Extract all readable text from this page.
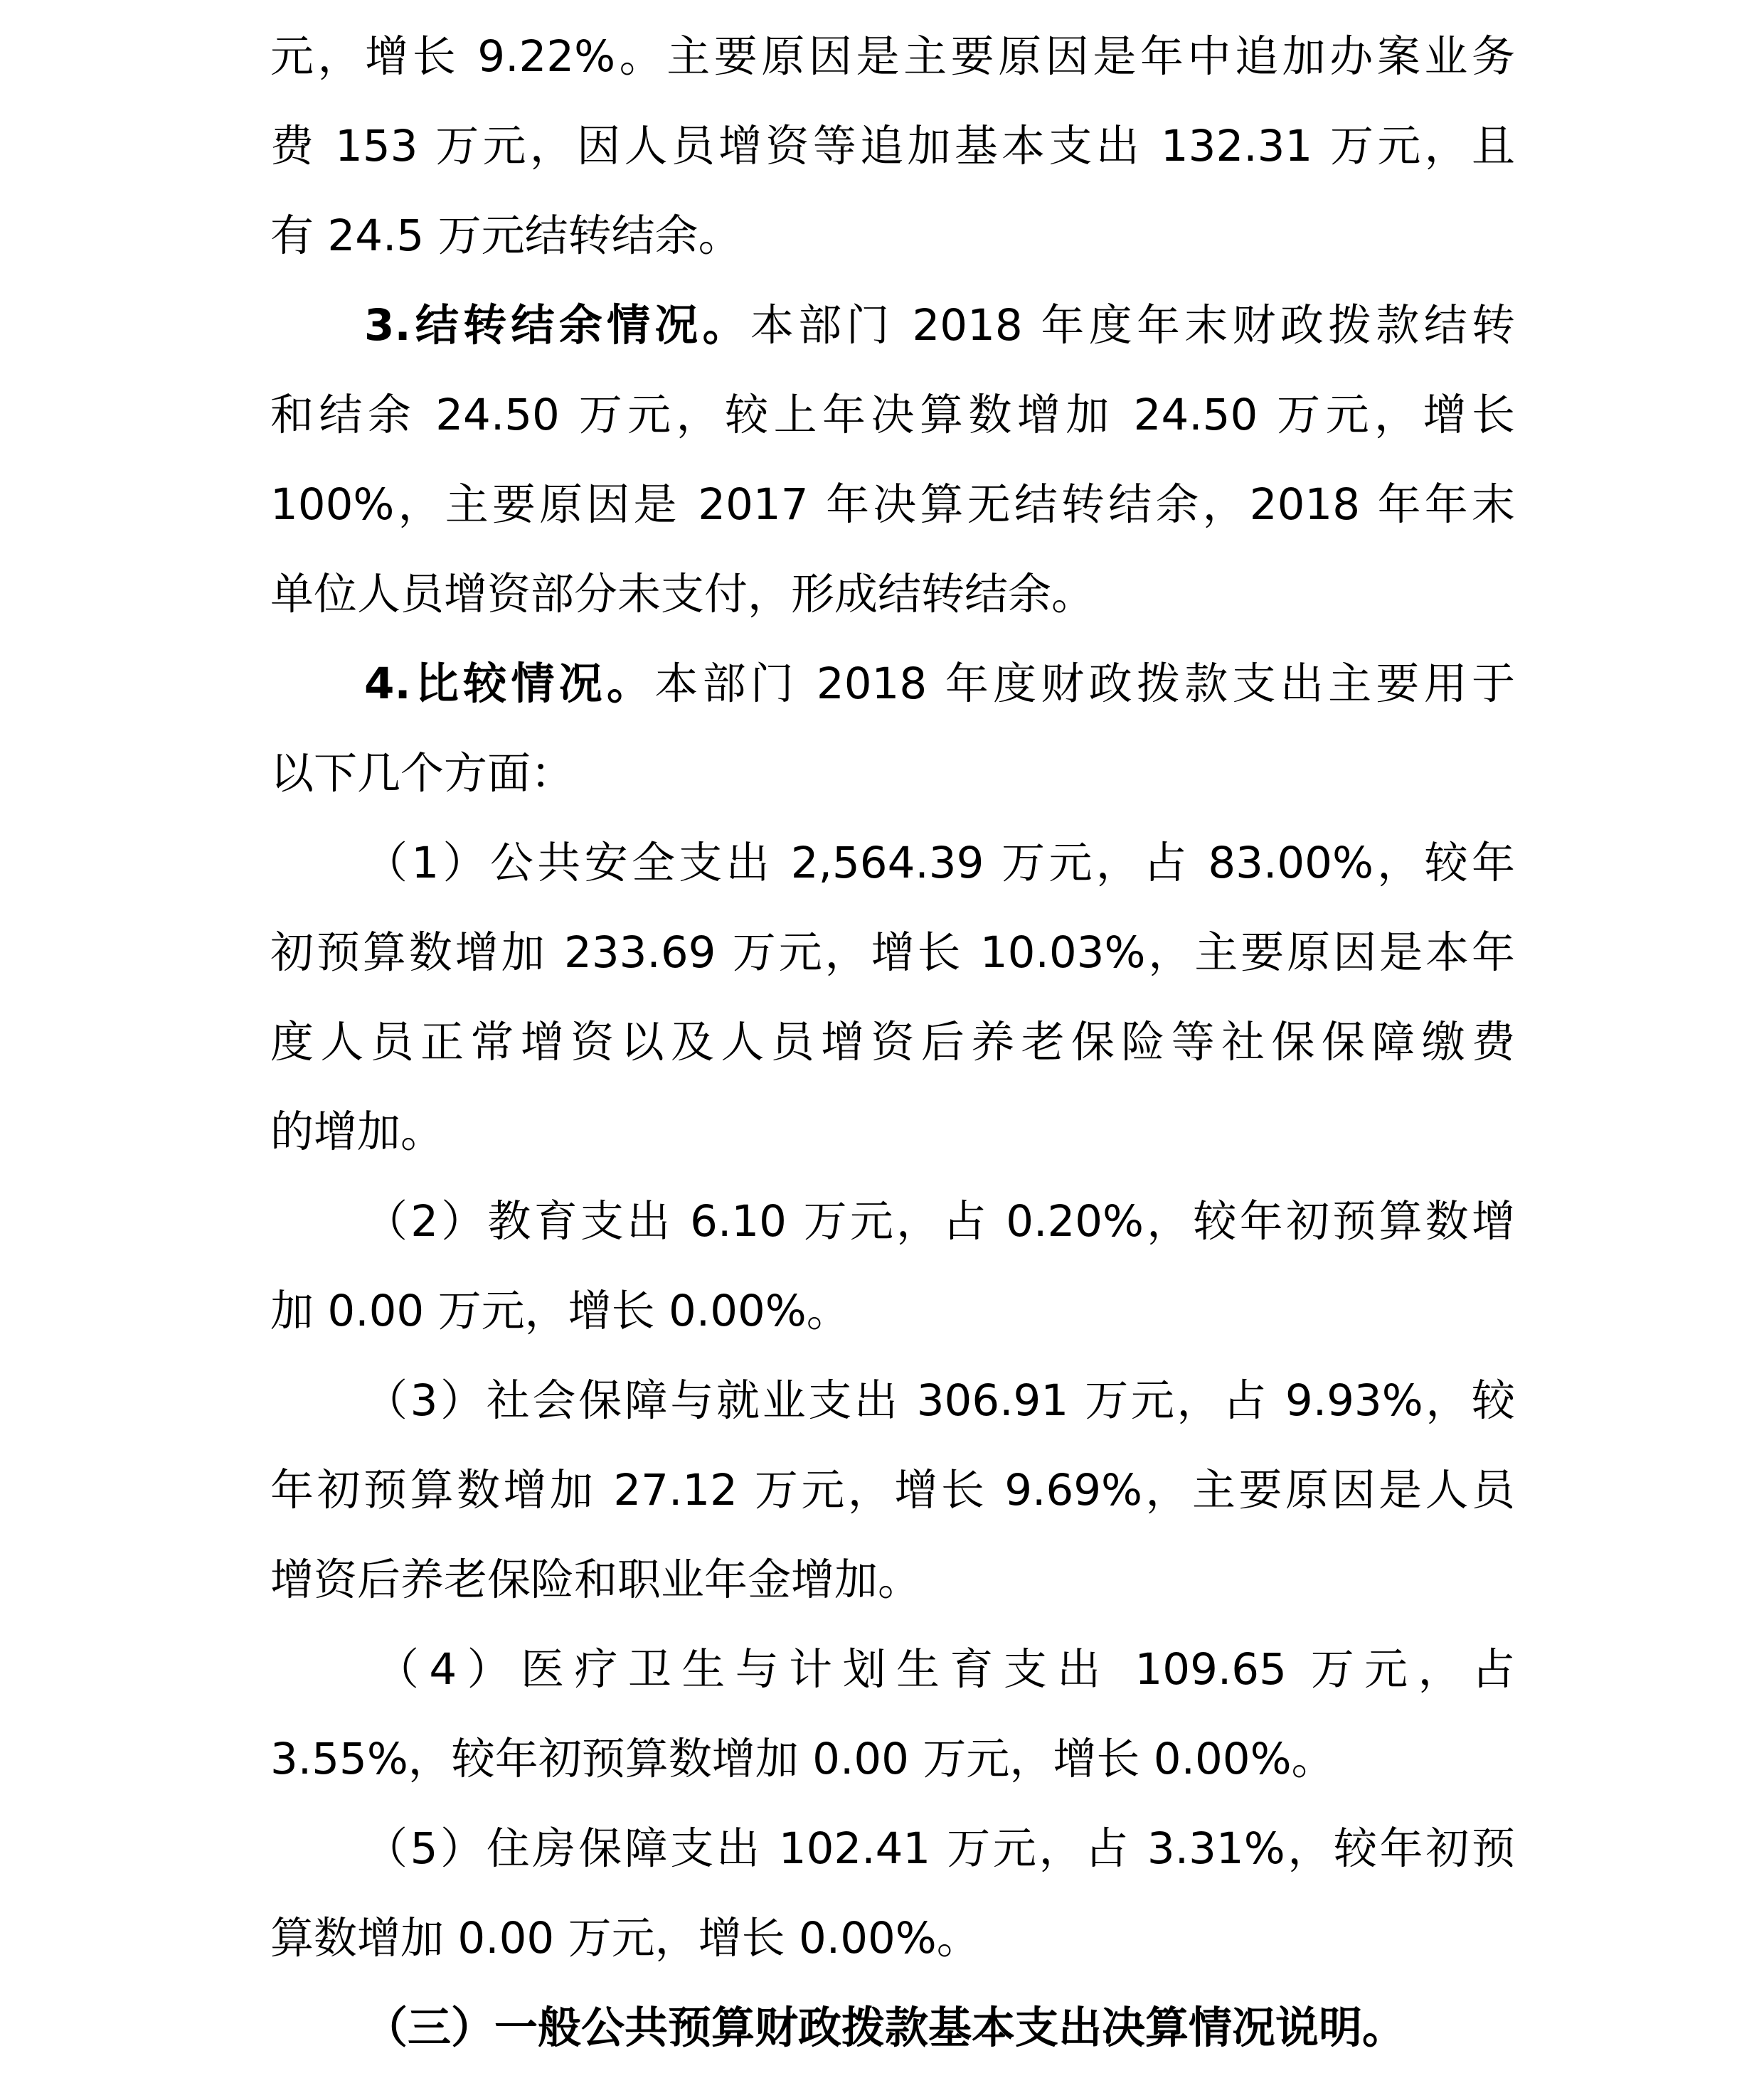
元，增长 9.22%。主要原因是主要原因是年中追加办案业务
费 153 万元，因人员增资等追加基本支出 132.31 万元，且
有 24.5 万元结转结余。
3.结转结余情况。本部门 2018 年度年末财政拨款结转
和结余 24.50 万元，较上年决算数增加 24.50 万元，增长
100%，主要原因是 2017 年决算无结转结余，2018 年年末
单位人员增资部分未支付，形成结转结余。
4.比较情况。本部门 2018 年度财政拨款支出主要用于
以下几个方面：
（1）公共安全支出 2,564.39 万元，占 83.00%，较年
初预算数增加 233.69 万元，增长 10.03%，主要原因是本年
度人员正常增资以及人员增资后养老保险等社保保障缴费
的增加。
（2）教育支出 6.10 万元，占 0.20%，较年初预算数增
加 0.00 万元，增长 0.00%。
（3）社会保障与就业支出 306.91 万元，占 9.93%，较
年初预算数增加 27.12 万元，增长 9.69%，主要原因是人员
增资后养老保险和职业年金增加。
（4）医疗卫生与计划生育支出 109.65 万元，占
3.55%，较年初预算数增加 0.00 万元，增长 0.00%。
（5）住房保障支出 102.41 万元，占 3.31%，较年初预
算数增加 0.00 万元，增长 0.00%。
（三）一般公共预算财政拨款基本支出决算情况说明。
